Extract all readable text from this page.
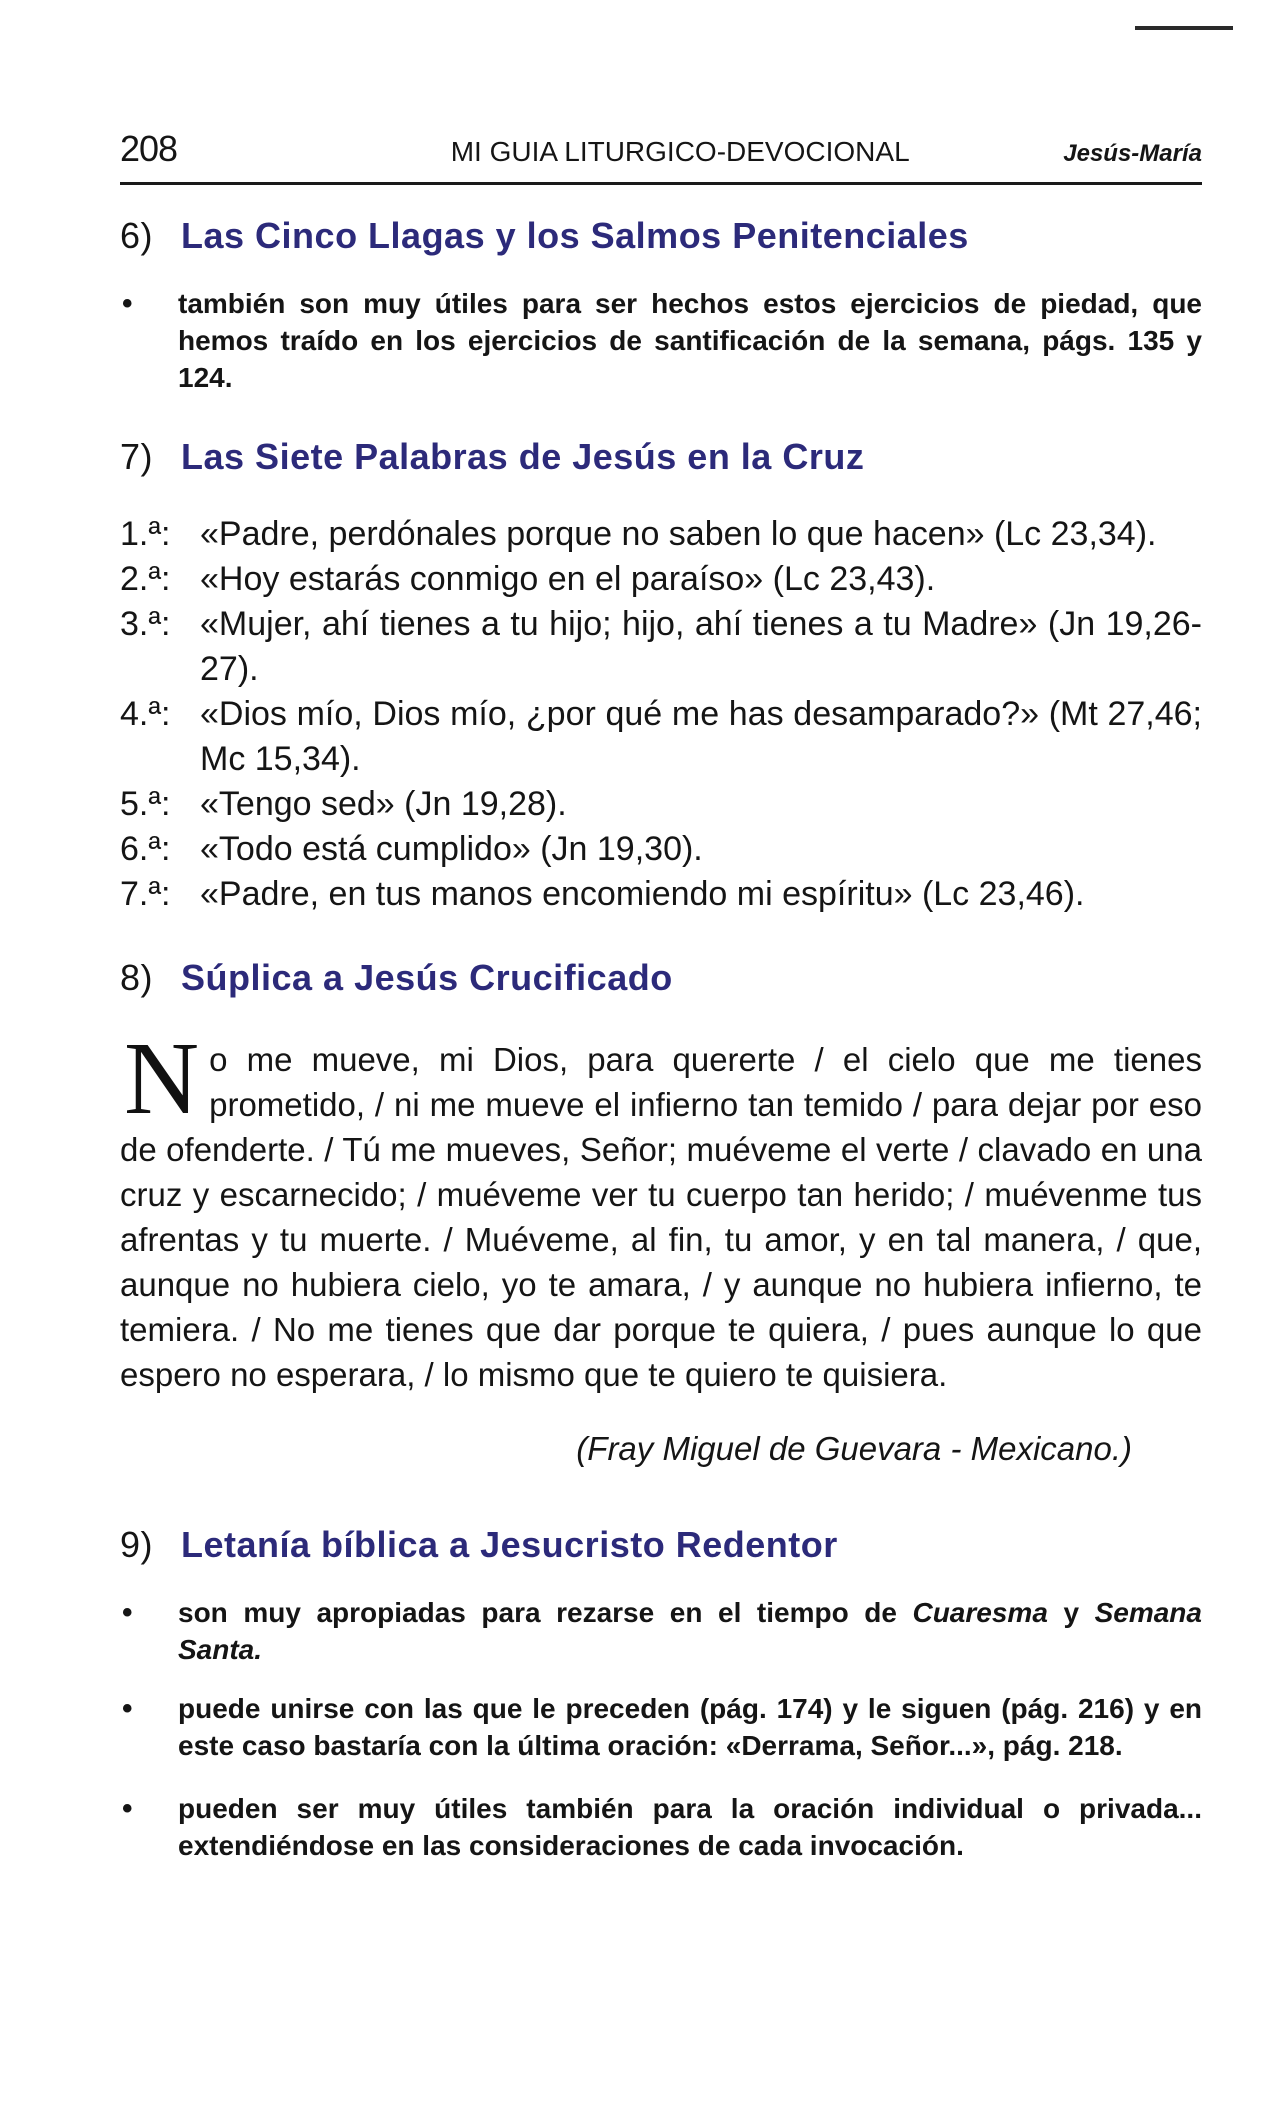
208	MI GUIA LITURGICO-DEVOCIONAL	Jesús-María
6) Las Cinco Llagas y los Salmos Penitenciales
• también son muy útiles para ser hechos estos ejercicios de piedad, que hemos traído en los ejercicios de santificación de la semana, págs. 135 y 124.
7) Las Siete Palabras de Jesús en la Cruz
1.ª: «Padre, perdónales porque no saben lo que hacen» (Lc 23,34).
2.ª: «Hoy estarás conmigo en el paraíso» (Lc 23,43).
3.ª: «Mujer, ahí tienes a tu hijo; hijo, ahí tienes a tu Madre» (Jn 19,26-27).
4.ª: «Dios mío, Dios mío, ¿por qué me has desamparado?» (Mt 27,46; Mc 15,34).
5.ª: «Tengo sed» (Jn 19,28).
6.ª: «Todo está cumplido» (Jn 19,30).
7.ª: «Padre, en tus manos encomiendo mi espíritu» (Lc 23,46).
8) Súplica a Jesús Crucificado

No me mueve, mi Dios, para quererte / el cielo que me tienes prometido, / ni me mueve el infierno tan temido / para dejar por eso de ofenderte. / Tú me mueves, Señor; muéveme el verte / clavado en una cruz y escarnecido; / muéveme ver tu cuerpo tan herido; / muévenme tus afrentas y tu muerte. / Muéveme, al fin, tu amor, y en tal manera, / que, aunque no hubiera cielo, yo te amara, / y aunque no hubiera infierno, te temiera. / No me tienes que dar porque te quiera, / pues aunque lo que espero no esperara, / lo mismo que te quiero te quisiera.

(Fray Miguel de Guevara - Mexicano.)
9) Letanía bíblica a Jesucristo Redentor
• son muy apropiadas para rezarse en el tiempo de Cuaresma y Semana Santa.
• puede unirse con las que le preceden (pág. 174) y le siguen (pág. 216) y en este caso bastaría con la última oración: «Derrama, Señor...», pág. 218.
• pueden ser muy útiles también para la oración individual o privada... extendiéndose en las consideraciones de cada invocación.
